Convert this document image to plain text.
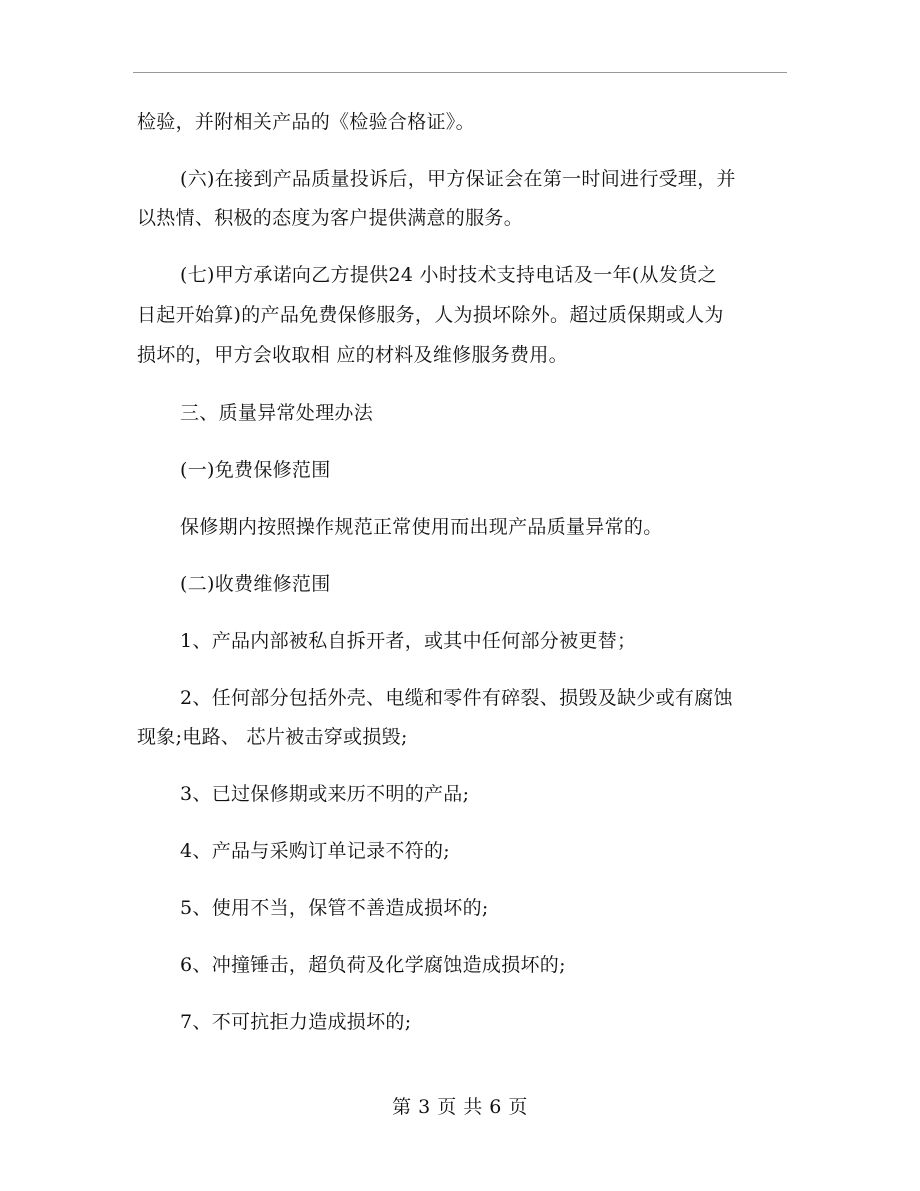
检验，并附相关产品的《检验合格证》。

(六)在接到产品质量投诉后，甲方保证会在第一时间进行受理，并

以热情、积极的态度为客户提供满意的服务。

(七)甲方承诺向乙方提供24 小时技术支持电话及一年(从发货之

日起开始算)的产品免费保修服务，人为损坏除外。超过质保期或人为

损坏的，甲方会收取相 应的材料及维修服务费用。

三、质量异常处理办法

(一)免费保修范围

保修期内按照操作规范正常使用而出现产品质量异常的。

(二)收费维修范围

1、产品内部被私自拆开者，或其中任何部分被更替；

2、任何部分包括外壳、电缆和零件有碎裂、损毁及缺少或有腐蚀

现象;电路、 芯片被击穿或损毁;

3、已过保修期或来历不明的产品;

4、产品与采购订单记录不符的;

5、使用不当，保管不善造成损坏的;

6、冲撞锤击，超负荷及化学腐蚀造成损坏的;

7、不可抗拒力造成损坏的;

第 3 页 共 6 页
